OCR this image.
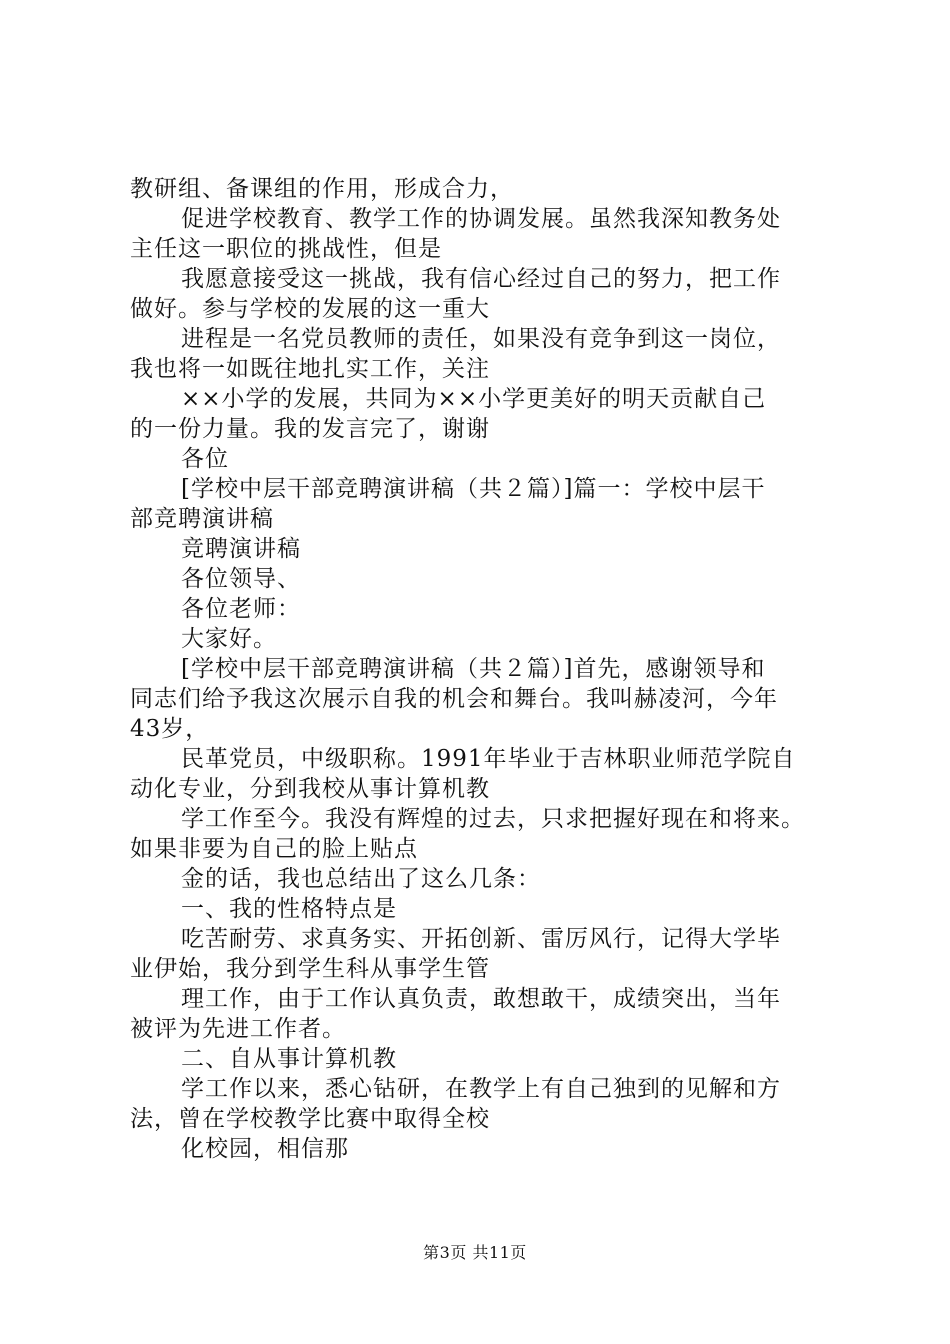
教研组、备课组的作用，形成合力，
促进学校教育、教学工作的协调发展。虽然我深知教务处
主任这一职位的挑战性，但是
我愿意接受这一挑战，我有信心经过自己的努力，把工作
做好。参与学校的发展的这一重大
进程是一名党员教师的责任，如果没有竞争到这一岗位，
我也将一如既往地扎实工作，关注
××小学的发展，共同为××小学更美好的明天贡献自己
的一份力量。我的发言完了，谢谢
各位
[学校中层干部竞聘演讲稿（共２篇）]篇一：学校中层干
部竞聘演讲稿
竞聘演讲稿
各位领导、
各位老师：
大家好。
[学校中层干部竞聘演讲稿（共２篇）]首先，感谢领导和
同志们给予我这次展示自我的机会和舞台。我叫赫凌河，今年
43岁，
民革党员，中级职称。1991年毕业于吉林职业师范学院自
动化专业，分到我校从事计算机教
学工作至今。我没有辉煌的过去，只求把握好现在和将来。
如果非要为自己的脸上贴点
金的话，我也总结出了这么几条：
一、我的性格特点是
吃苦耐劳、求真务实、开拓创新、雷厉风行，记得大学毕
业伊始，我分到学生科从事学生管
理工作，由于工作认真负责，敢想敢干，成绩突出，当年
被评为先进工作者。
二、自从事计算机教
学工作以来，悉心钻研，在教学上有自己独到的见解和方
法，曾在学校教学比赛中取得全校
化校园，相信那
第3页 共11页
